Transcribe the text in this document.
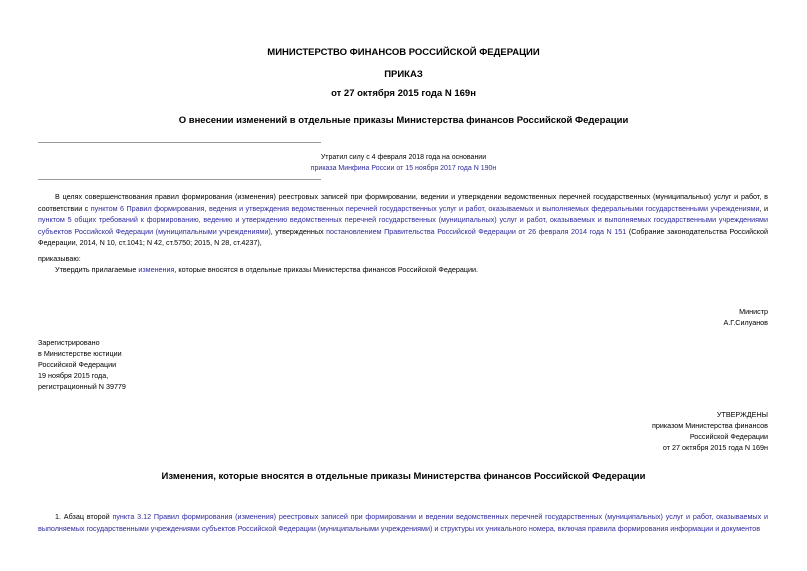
МИНИСТЕРСТВО ФИНАНСОВ РОССИЙСКОЙ ФЕДЕРАЦИИ
ПРИКАЗ
от 27 октября 2015 года N 169н
О внесении изменений в отдельные приказы Министерства финансов Российской Федерации
Утратил силу с 4 февраля 2018 года на основании
приказа Минфина России от 15 ноября 2017 года N 190н
В целях совершенствования правил формирования (изменения) реестровых записей при формировании, ведении и утверждении ведомственных перечней государственных (муниципальных) услуг и работ, в соответствии с пунктом 6 Правил формирования, ведения и утверждения ведомственных перечней государственных услуг и работ, оказываемых и выполняемых федеральными государственными учреждениями, и пунктом 5 общих требований к формированию, ведению и утверждению ведомственных перечней государственных (муниципальных) услуг и работ, оказываемых и выполняемых государственными учреждениями субъектов Российской Федерации (муниципальными учреждениями), утвержденных постановлением Правительства Российской Федерации от 26 февраля 2014 года N 151 (Собрание законодательства Российской Федерации, 2014, N 10, ст.1041; N 42, ст.5750; 2015, N 28, ст.4237),
приказываю:
Утвердить прилагаемые изменения, которые вносятся в отдельные приказы Министерства финансов Российской Федерации.
Министр
А.Г.Силуанов
Зарегистрировано
в Министерстве юстиции
Российской Федерации
19 ноября 2015 года,
регистрационный N 39779
УТВЕРЖДЕНЫ
приказом Министерства финансов
Российской Федерации
от 27 октября 2015 года N 169н
Изменения, которые вносятся в отдельные приказы Министерства финансов Российской Федерации
1. Абзац второй пункта 3.12 Правил формирования (изменения) реестровых записей при формировании и ведении ведомственных перечней государственных (муниципальных) услуг и работ, оказываемых и выполняемых государственными учреждениями субъектов Российской Федерации (муниципальными учреждениями) и структуры их уникального номера, включая правила формирования информации и документов
